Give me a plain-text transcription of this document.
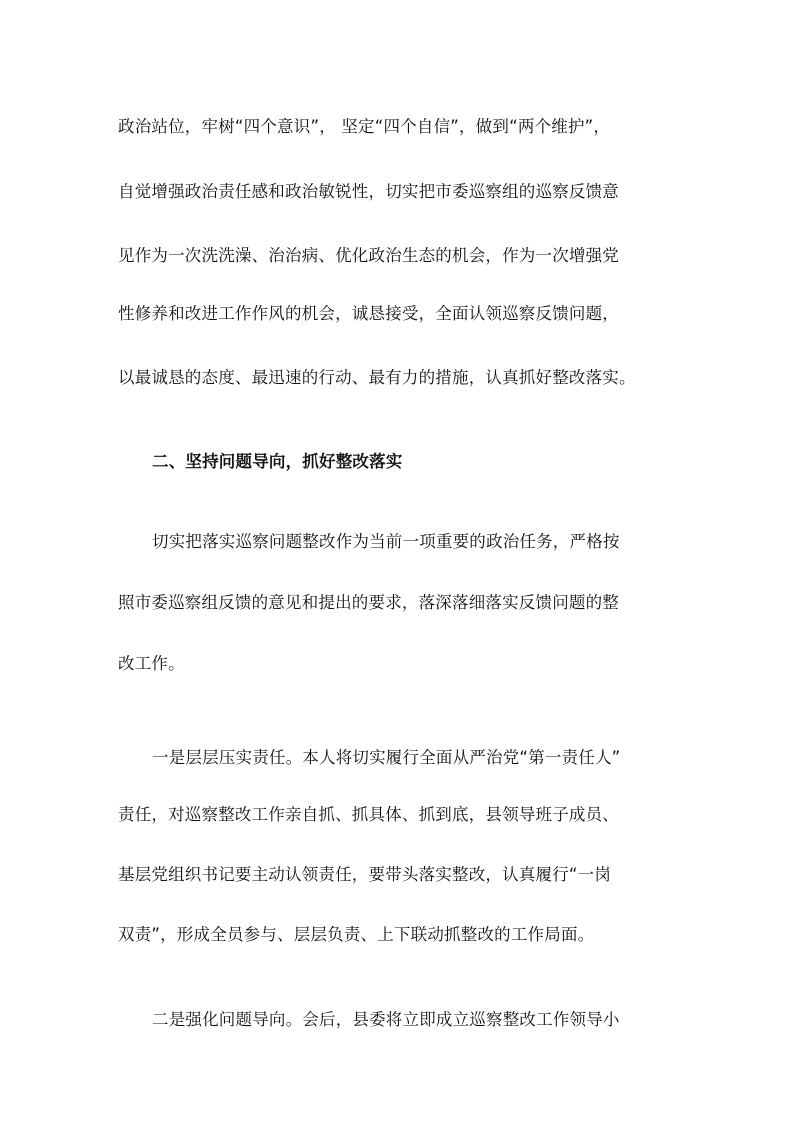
政治站位，牢树“四个意识”， 坚定“四个自信”，做到“两个维护”，
自觉增强政治责任感和政治敏锐性，切实把市委巡察组的巡察反馈意
见作为一次洗洗澡、治治病、优化政治生态的机会，作为一次增强党
性修养和改进工作作风的机会，诚恳接受，全面认领巡察反馈问题，
以最诚恳的态度、最迅速的行动、最有力的措施，认真抓好整改落实。
二、坚持问题导向，抓好整改落实
切实把落实巡察问题整改作为当前一项重要的政治任务，严格按
照市委巡察组反馈的意见和提出的要求，落深落细落实反馈问题的整
改工作。
一是层层压实责任。本人将切实履行全面从严治党“第一责任人”
责任，对巡察整改工作亲自抓、抓具体、抓到底，县领导班子成员、
基层党组织书记要主动认领责任，要带头落实整改，认真履行“一岗
双责”，形成全员参与、层层负责、上下联动抓整改的工作局面。
二是强化问题导向。会后，县委将立即成立巡察整改工作领导小
